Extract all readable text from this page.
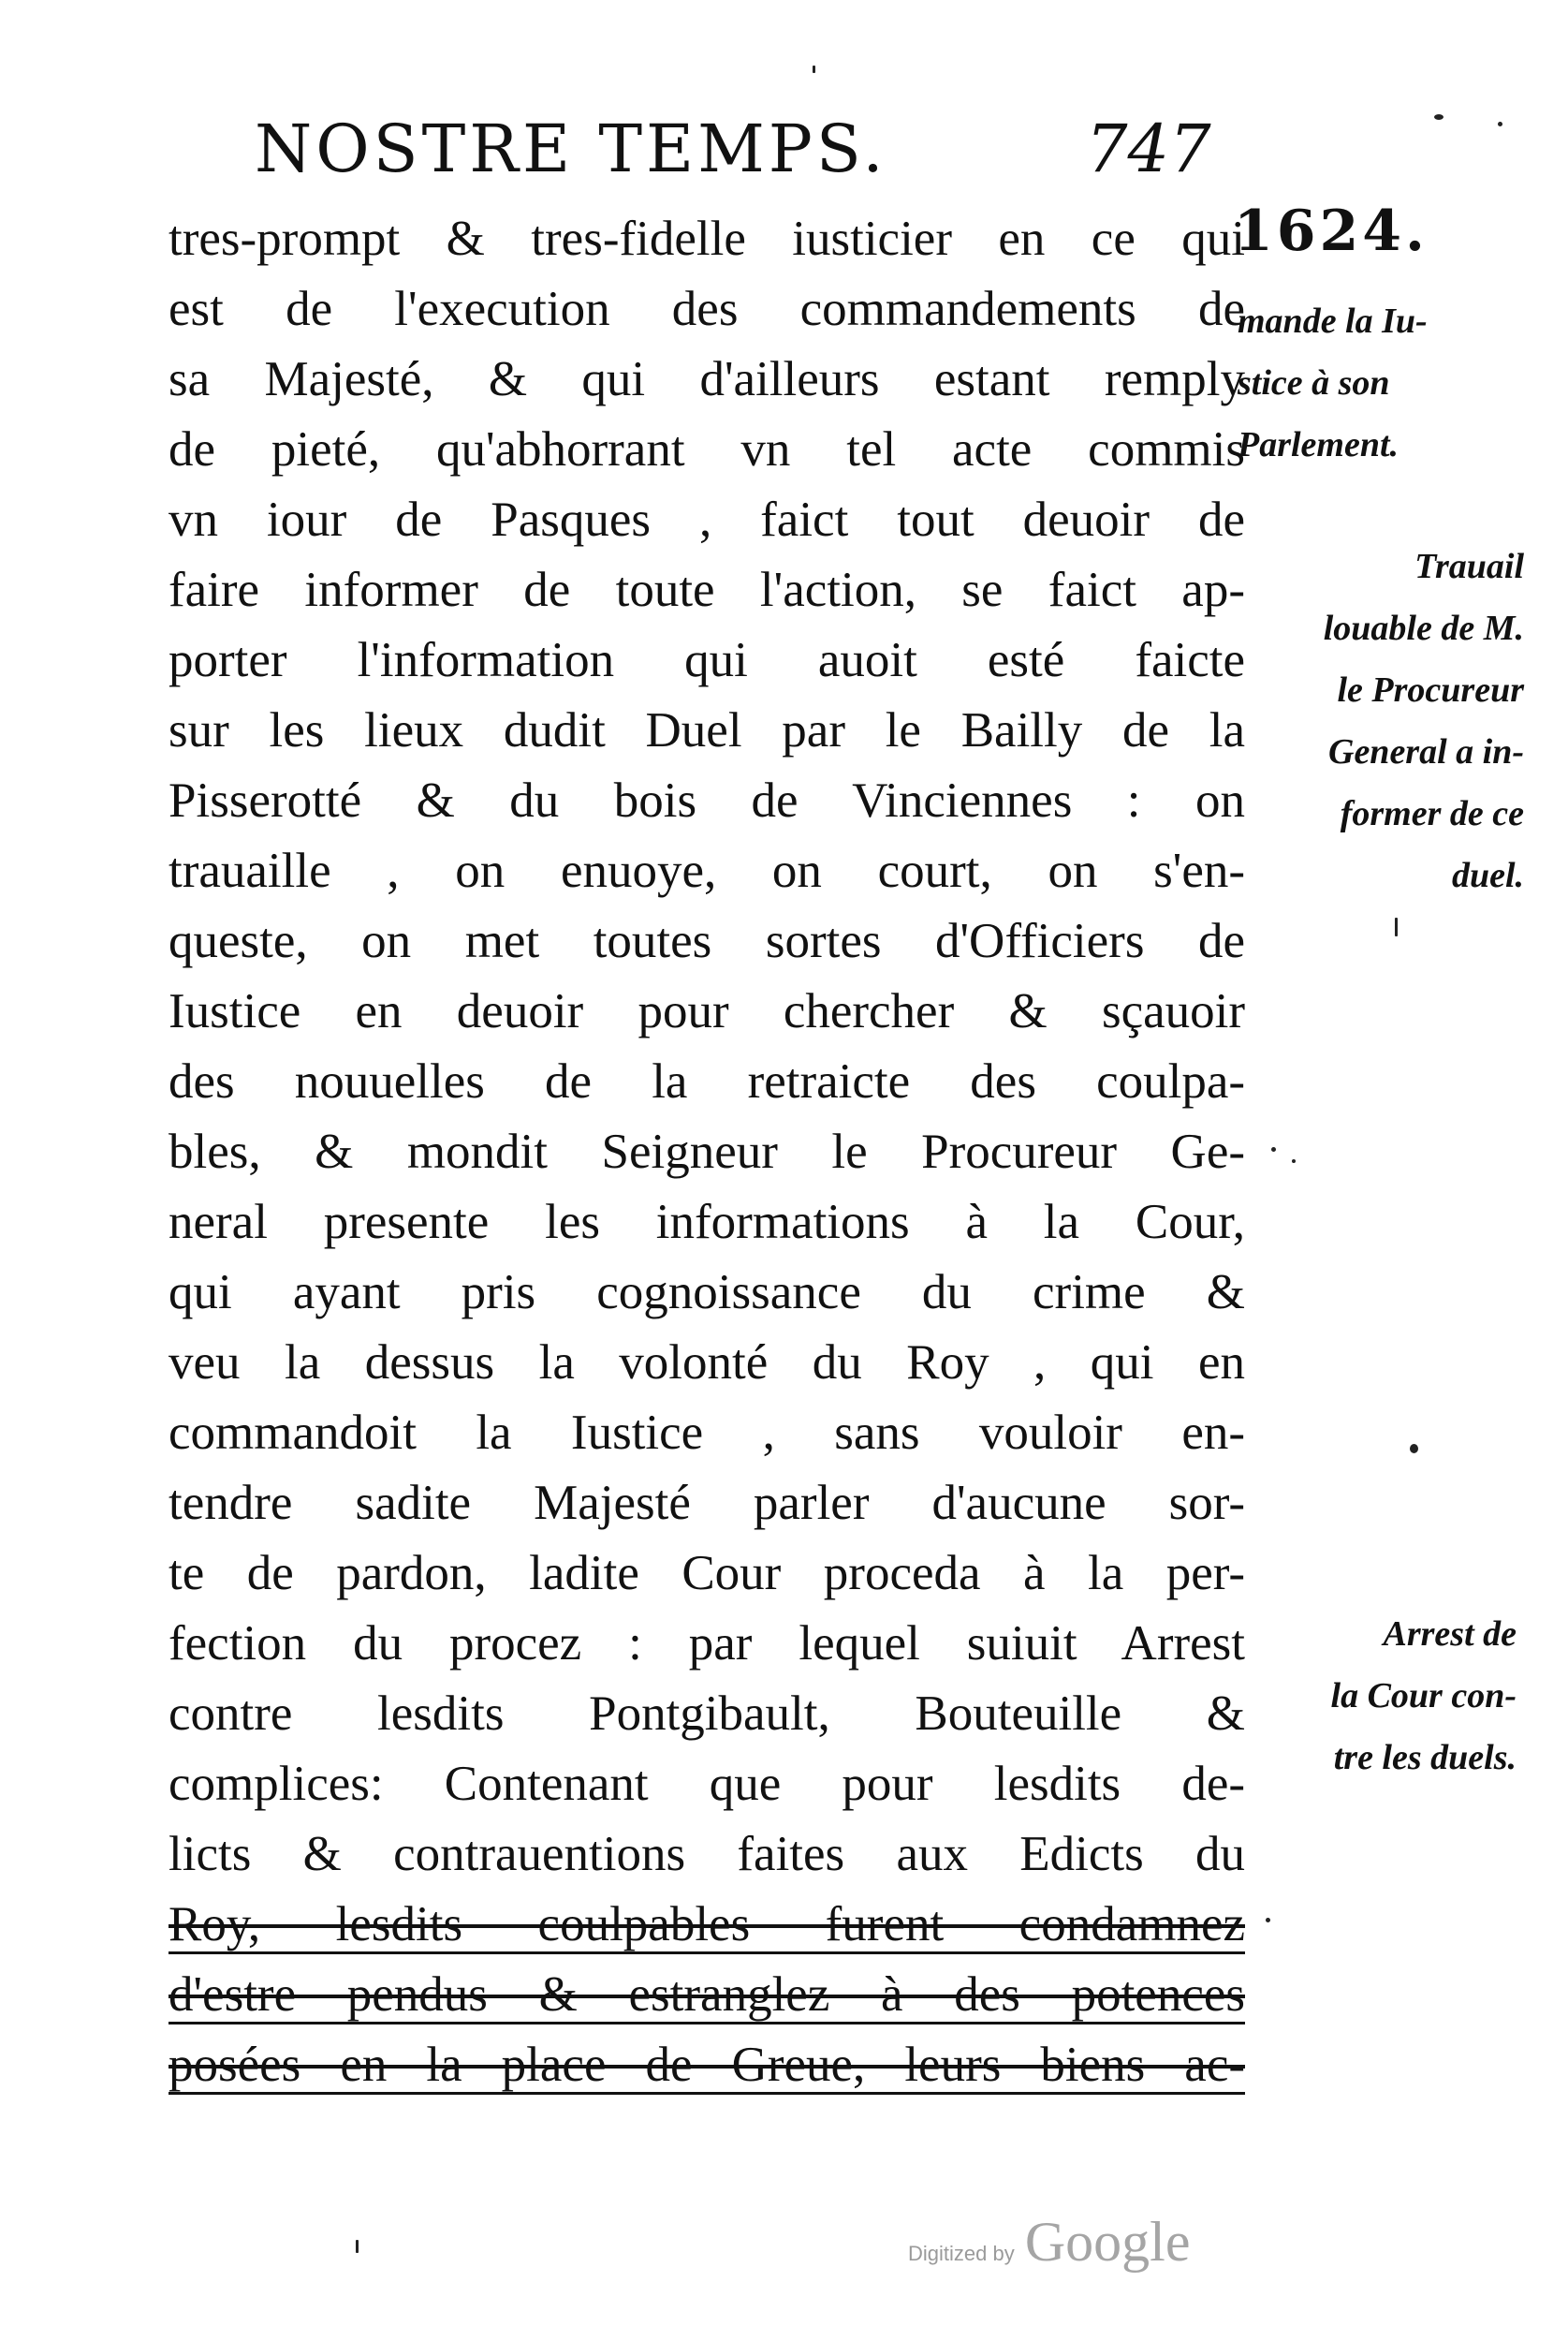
NOSTRE TEMPS.	747
tres-prompt & tres-fidelle iusticier en ce qui
est de l'execution des commandements de
sa Majesté, & qui d'ailleurs estant remply
de pieté, qu'abhorrant vn tel acte commis
vn iour de Pasques , faict tout deuoir de
faire informer de toute l'action, se faict ap-
porter l'information qui auoit esté faicte
sur les lieux dudit Duel par le Bailly de la
Pisserotté & du bois de Vinciennes : on
trauaille , on enuoye, on court, on s'en-
queste, on met toutes sortes d'Officiers de
Iustice en deuoir pour chercher & sçauoir
des nouuelles de la retraicte des coulpa-
bles, & mondit Seigneur le Procureur Ge-
neral presente les informations à la Cour,
qui ayant pris cognoissance du crime &
veu la dessus la volonté du Roy , qui en
commandoit la Iustice , sans vouloir en-
tendre sadite Majesté parler d'aucune sor-
te de pardon, ladite Cour proceda à la per-
fection du procez : par lequel suiuit Arrest
contre lesdits Pontgibault, Bouteuille &
complices: Contenant que pour lesdits de-
licts & contrauentions faites aux Edicts du
Roy, lesdits coulpables furent condamnez
d'estre pendus & estranglez à des potences
posées en la place de Greue, leurs biens ac-
1624.
mande la Iu-
stice à son
Parlement.
Trauail
louable de M.
le Procureur
General a in-
former de ce
duel.
Arrest de
la Cour con-
tre les duels.
Digitized by Google
